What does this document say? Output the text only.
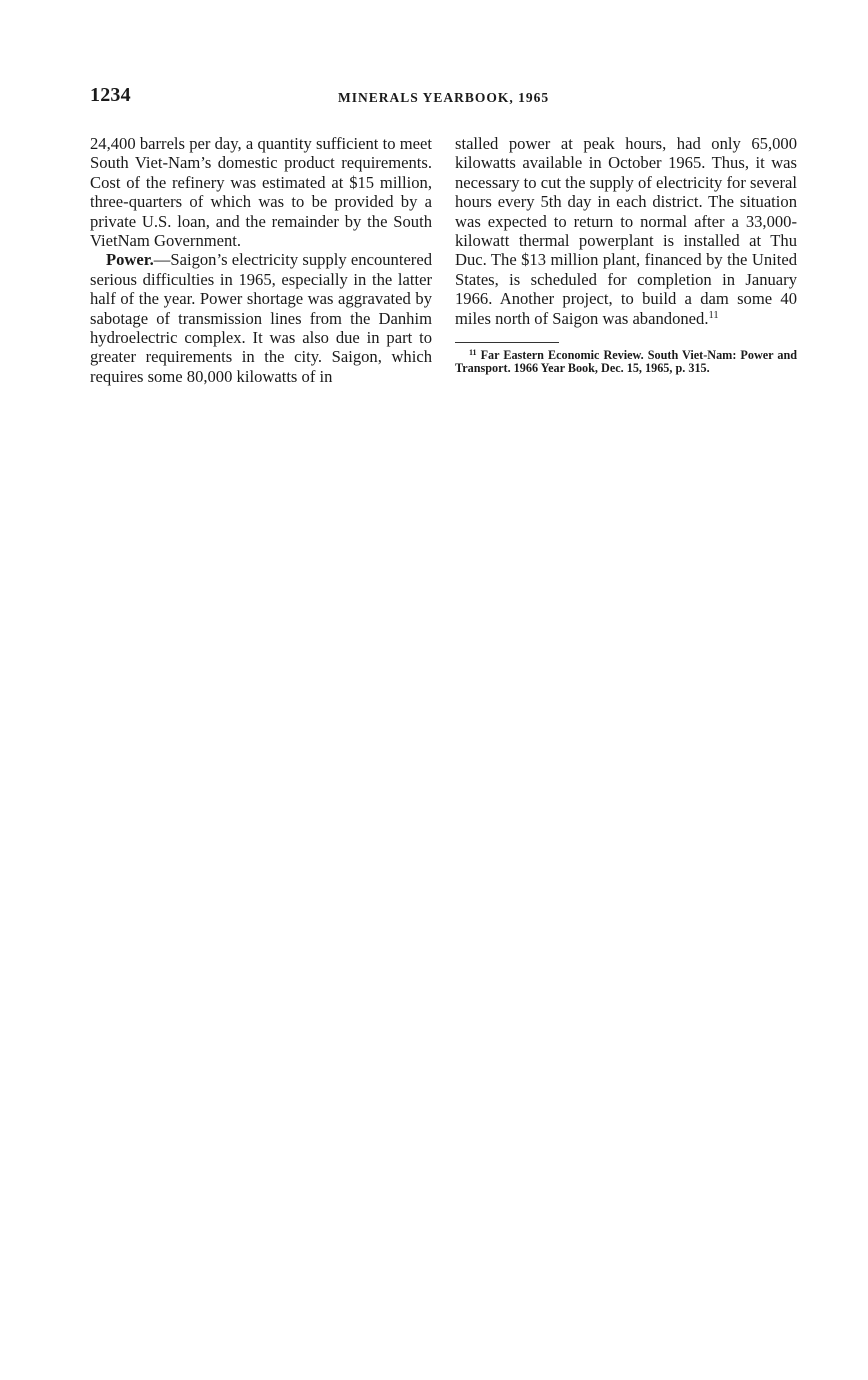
1234	MINERALS YEARBOOK, 1965

24,400 barrels per day, a quantity sufficient to meet South Viet-Nam’s domestic product requirements. Cost of the refinery was estimated at $15 million, three-quarters of which was to be provided by a private U.S. loan, and the remainder by the South VietNam Government.

Power.—Saigon’s electricity supply encountered serious difficulties in 1965, especially in the latter half of the year. Power shortage was aggravated by sabotage of transmission lines from the Danhim hydroelectric complex. It was also due in part to greater requirements in the city. Saigon, which requires some 80,000 kilowatts of in

stalled power at peak hours, had only 65,000 kilowatts available in October 1965. Thus, it was necessary to cut the supply of electricity for several hours every 5th day in each district. The situation was expected to return to normal after a 33,000-kilowatt thermal powerplant is installed at Thu Duc. The $13 million plant, financed by the United States, is scheduled for completion in January 1966. Another project, to build a dam some 40 miles north of Saigon was abandoned.$^{11}$

$^{11}$ Far Eastern Economic Review. South Viet-Nam: Power and Transport. 1966 Year Book, Dec. 15, 1965, p. 315.
